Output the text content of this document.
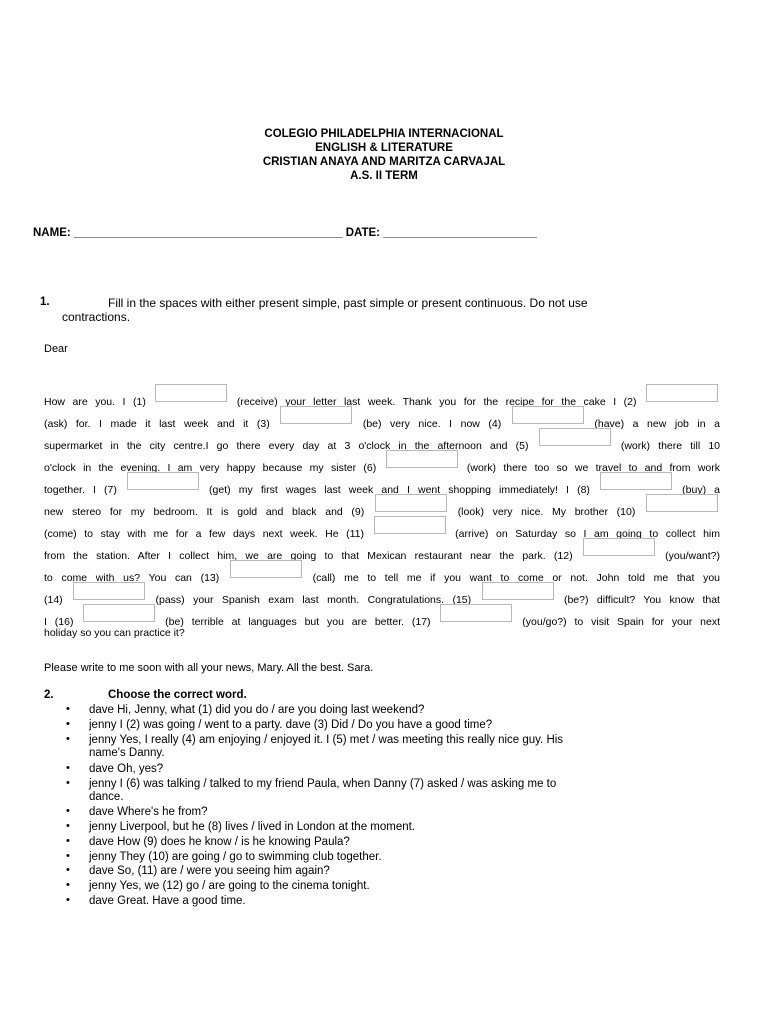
COLEGIO PHILADELPHIA INTERNACIONAL
ENGLISH & LITERATURE
CRISTIAN ANAYA AND MARITZA CARVAJAL
A.S. II TERM
NAME: __________________________________________ DATE: ________________________
1.	Fill in the spaces with either present simple, past simple or present continuous. Do not use
contractions.
Dear
How are you. I (1)	(receive) your letter last week. Thank you for the recipe for the cake I (2)
(ask) for. I made it last week and it (3)	(be) very nice. I now (4)	(have) a new job in a
supermarket in the city centre.I go there every day at 3 o'clock in the afternoon and (5)	(work) there till 10
o'clock in the evening. I am very happy because my sister (6)	(work) there too so we travel to and from work
together. I (7)	(get) my first wages last week and I went shopping immediately! I (8)	(buy) a
new stereo for my bedroom. It is gold and black and (9)	(look) very nice. My brother (10)
(come) to stay with me for a few days next week. He (11)	(arrive) on Saturday so I am going to collect him
from the station. After I collect him, we are going to that Mexican restaurant near the park. (12)	(you/want?)
to come with us? You can (13)	(call) me to tell me if you want to come or not. John told me that you
(14)	(pass) your Spanish exam last month. Congratulations. (15)	(be?) difficult? You know that
I (16)	(be) terrible at languages but you are better. (17)	(you/go?) to visit Spain for your next
holiday so you can practice it?
Please write to me soon with all your news, Mary. All the best. Sara.
2.	Choose the correct word.
• dave Hi, Jenny, what (1) did you do / are you doing last weekend?
• jenny I (2) was going / went to a party. dave (3) Did / Do you have a good time?
• jenny Yes, I really (4) am enjoying / enjoyed it. I (5) met / was meeting this really nice guy. His
name's Danny.
• dave Oh, yes?
• jenny I (6) was talking / talked to my friend Paula, when Danny (7) asked / was asking me to
dance.
• dave Where's he from?
• jenny Liverpool, but he (8) lives / lived in London at the moment.
• dave How (9) does he know / is he knowing Paula?
• jenny They (10) are going / go to swimming club together.
• dave So, (11) are / were you seeing him again?
• jenny Yes, we (12) go / are going to the cinema tonight.
• dave Great. Have a good time.
